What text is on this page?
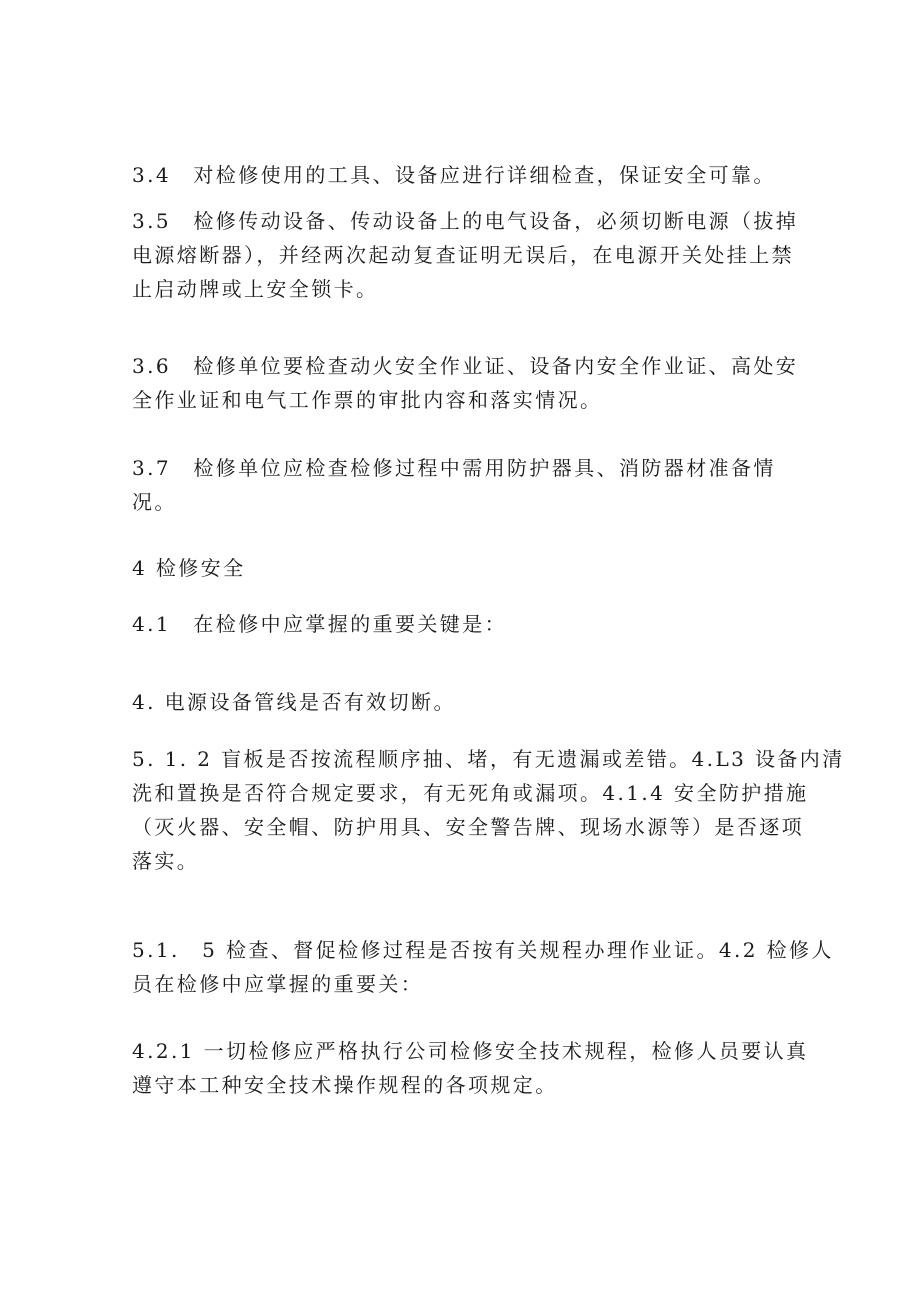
3.4　对检修使用的工具、设备应进行详细检查，保证安全可靠。

3.5　检修传动设备、传动设备上的电气设备，必须切断电源（拔掉
电源熔断器），并经两次起动复查证明无误后，在电源开关处挂上禁
止启动牌或上安全锁卡。

3.6　检修单位要检查动火安全作业证、设备内安全作业证、高处安
全作业证和电气工作票的审批内容和落实情况。

3.7　检修单位应检查检修过程中需用防护器具、消防器材准备情
况。

4 检修安全

4.1　在检修中应掌握的重要关键是：

4. 电源设备管线是否有效切断。

5. 1. 2 盲板是否按流程顺序抽、堵，有无遗漏或差错。4.L3 设备内清
洗和置换是否符合规定要求，有无死角或漏项。4.1.4 安全防护措施
（灭火器、安全帽、防护用具、安全警告牌、现场水源等）是否逐项
落实。

5.1.　5 检查、督促检修过程是否按有关规程办理作业证。4.2 检修人
员在检修中应掌握的重要关：

4.2.1 一切检修应严格执行公司检修安全技术规程，检修人员要认真
遵守本工种安全技术操作规程的各项规定。
